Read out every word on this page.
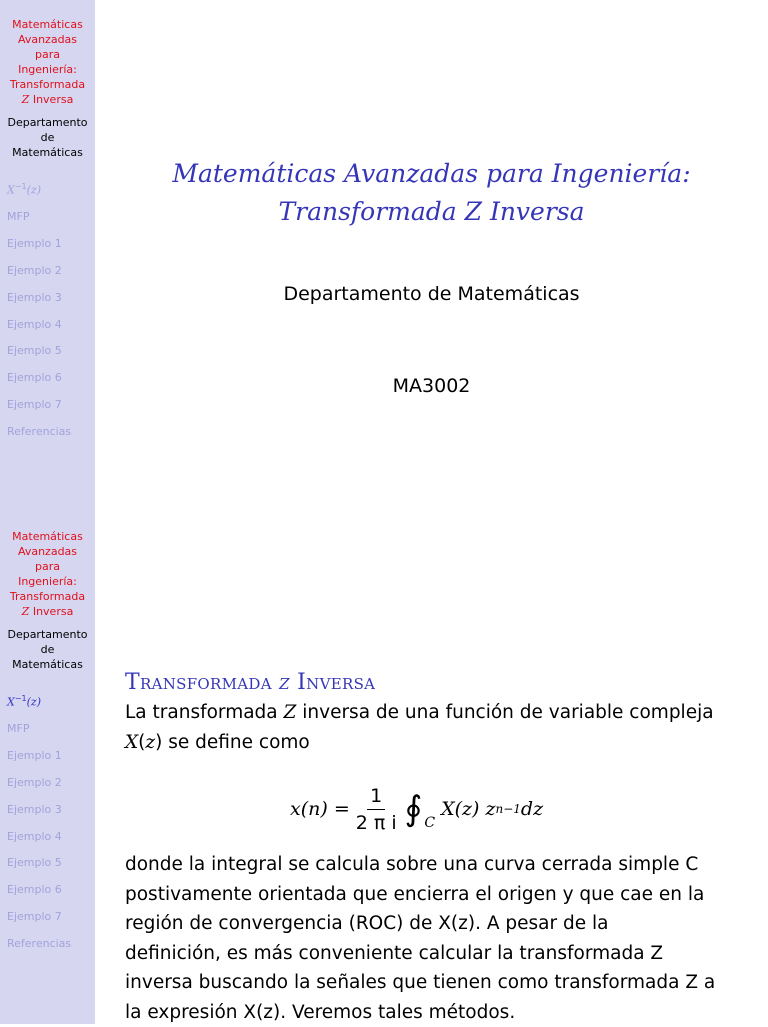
Matemáticas
Avanzadas
para
Ingeniería:
Transformada
Z Inversa
Departamento
de
Matemáticas
$X^{-1}(z)$
MFP
Ejemplo 1
Ejemplo 2
Ejemplo 3
Ejemplo 4
Ejemplo 5
Ejemplo 6
Ejemplo 7
Referencias
Matemáticas Avanzadas para Ingeniería:
Transformada Z Inversa
Departamento de Matemáticas
MA3002
Matemáticas
Avanzadas
para
Ingeniería:
Transformada
Z Inversa
Departamento
de
Matemáticas
$X^{-1}(z)$
MFP
Ejemplo 1
Ejemplo 2
Ejemplo 3
Ejemplo 4
Ejemplo 5
Ejemplo 6
Ejemplo 7
Referencias
Transformada z Inversa
La transformada Z inversa de una función de variable compleja
X(z) se define como
$x(n) = \frac{1}{\text{2 π i}}$ ∮ C
X(z) z n−1 dz
donde la integral se calcula sobre una curva cerrada simple C
postivamente orientada que encierra el origen y que cae en la
región de convergencia (ROC) de X(z). A pesar de la
definición, es más conveniente calcular la transformada Z
inversa buscando la señales que tienen como transformada Z a
la expresión X(z). Veremos tales métodos.
